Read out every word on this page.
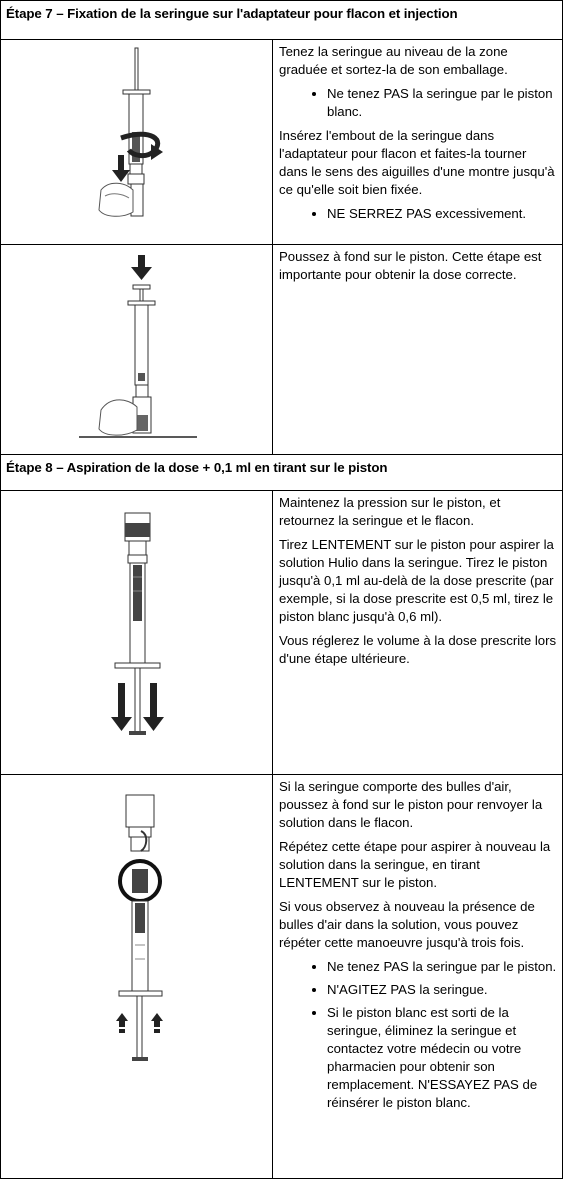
Étape 7 – Fixation de la seringue sur l'adaptateur pour flacon et injection

Tenez la seringue au niveau de la zone graduée et sortez-la de son emballage.

• Ne tenez PAS la seringue par le piston blanc.

Insérez l'embout de la seringue dans l'adaptateur pour flacon et faites-la tourner dans le sens des aiguilles d'une montre jusqu'à ce qu'elle soit bien fixée.

• NE SERREZ PAS excessivement.

Poussez à fond sur le piston. Cette étape est importante pour obtenir la dose correcte.

Étape 8 – Aspiration de la dose + 0,1 ml en tirant sur le piston

Maintenez la pression sur le piston, et retournez la seringue et le flacon.

Tirez LENTEMENT sur le piston pour aspirer la solution Hulio dans la seringue. Tirez le piston jusqu'à 0,1 ml au-delà de la dose prescrite (par exemple, si la dose prescrite est 0,5 ml, tirez le piston blanc jusqu'à 0,6 ml).

Vous réglerez le volume à la dose prescrite lors d'une étape ultérieure.

Si la seringue comporte des bulles d'air, poussez à fond sur le piston pour renvoyer la solution dans le flacon.

Répétez cette étape pour aspirer à nouveau la solution dans la seringue, en tirant LENTEMENT sur le piston.

Si vous observez à nouveau la présence de bulles d'air dans la solution, vous pouvez répéter cette manoeuvre jusqu'à trois fois.

• Ne tenez PAS la seringue par le piston.
• N'AGITEZ PAS la seringue.
• Si le piston blanc est sorti de la seringue, éliminez la seringue et contactez votre médecin ou votre pharmacien pour obtenir son remplacement. N'ESSAYEZ PAS de réinsérer le piston blanc.
